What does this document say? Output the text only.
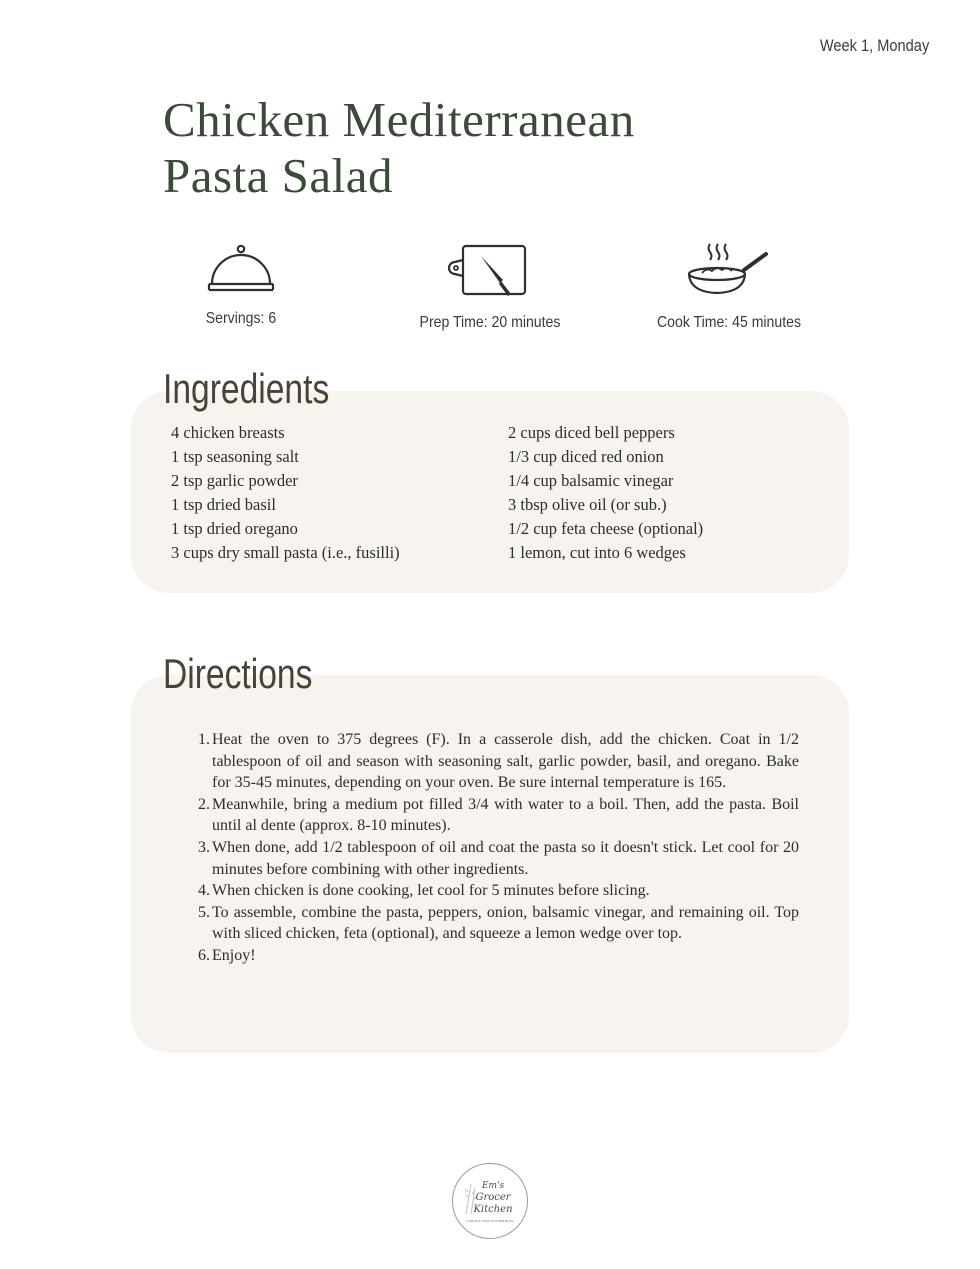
Week 1, Monday
Chicken Mediterranean
Pasta Salad
Servings: 6	Prep Time: 20 minutes	Cook Time: 45 minutes
Ingredients
4 chicken breasts
1 tsp seasoning salt
2 tsp garlic powder
1 tsp dried basil
1 tsp dried oregano
3 cups dry small pasta (i.e., fusilli)
2 cups diced bell peppers
1/3 cup diced red onion
1/4 cup balsamic vinegar
3 tbsp olive oil (or sub.)
1/2 cup feta cheese (optional)
1 lemon, cut into 6 wedges
Directions
1. Heat the oven to 375 degrees (F). In a casserole dish, add the chicken. Coat in 1/2 tablespoon of oil and season with seasoning salt, garlic powder, basil, and oregano. Bake for 35-45 minutes, depending on your oven. Be sure internal temperature is 165.
2. Meanwhile, bring a medium pot filled 3/4 with water to a boil. Then, add the pasta. Boil until al dente (approx. 8-10 minutes).
3. When done, add 1/2 tablespoon of oil and coat the pasta so it doesn't stick. Let cool for 20 minutes before combining with other ingredients.
4. When chicken is done cooking, let cool for 5 minutes before slicing.
5. To assemble, combine the pasta, peppers, onion, balsamic vinegar, and remaining oil. Top with sliced chicken, feta (optional), and squeeze a lemon wedge over top.
6. Enjoy!
Em's
Grocer
Kitchen
A WHOLE FOOD KITCHEN BLOG
